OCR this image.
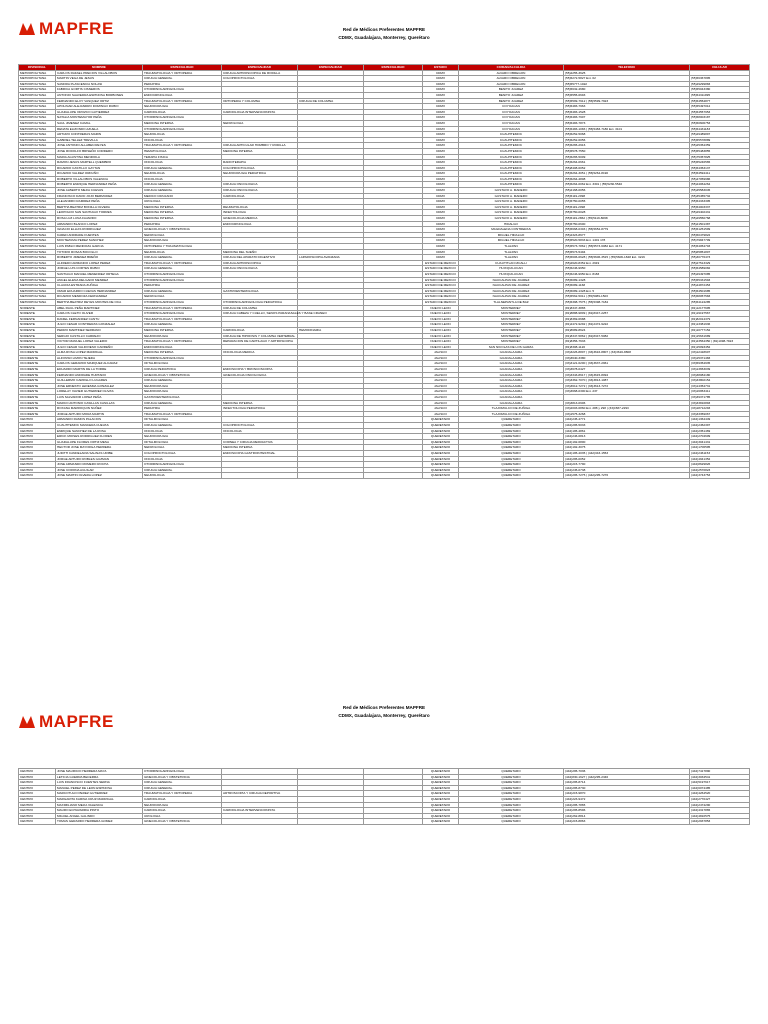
MAPFRE	Red de Médicos Preferentes MAPFRE
CDMX, Guadalajara, Monterrey, Querétaro
DIVISIONAL	NOMBRE	ESPECIALIDAD	ESPECIALIDAD	ESPECIALIDAD	ESPECIALIDAD	ESTADO	CIUDAD/ALCALDIA	TELEFONO	CELULAR
METROPOLITANA	CARLOS RAFAEL PRECIOS VILLALOBOS	TRAUMATOLOGIA Y ORTOPEDIA	CIRUGIA ARTROSCOPICA DE RODILLA			CDMX	ALVARO OBREGON	(55)2255-3625	
METROPOLITANA	MARTIN VEGA DE JESUS	CIRUGIA GENERAL	COLOPROCTOLOGIA			CDMX	ALVARO OBREGON	(55)5272-5827 Ext. 02	(55)56367895
METROPOLITANA	SANDRA PLASCENCIA NOLASI	PEDIATRIA				CDMX	ALVARO OBREGON	(55)55777-1022	(55)29299883
METROPOLITANA	FABRICA GORTIS CISNEROS	OTORRINOLARINGOLOGIA				CDMX	BENITO JUAREZ	(55)5632-4680	(55)55043380
METROPOLITANA	ANTONIO SAAVEDRA ESPINOSA BORBONES	ENDOCRINOLOGIA				CDMX	BENITO JUAREZ	(55)5555-6693	(55)54311995
METROPOLITANA	FERNANDO ELOY VASQUEZ ORTIZ	TRAUMATOLOGIA Y ORTOPEDIA	ORTOPEDIA Y COLUMNA	CIRUGIA DE COLUMNA		CDMX	BENITO JUAREZ	(55)5599-7912 | (55)5599-7923	(55)54554877
METROPOLITANA	APOLINAR ALEJANDRO DOMINGO RUBIO	NEUROCIRUGIA				CDMX	COYOACAN	(55)5483-7963	(55)55497012
METROPOLITANA	GUADALUPE OROZCO GUTIERREZ	CARDIOLOGIA	CARDIOLOGIA INTERVENCIONISTA			CDMX	COYOACAN	(55)5483-1528	(55)54557953
METROPOLITANA	NATALIA MONTEMAYOR PEÑA	OTORRINOLARINGOLOGIA				CDMX	COYOACAN	(55)5483-7907	(55)58003187
METROPOLITANA	SAUL JIMENEZ CAMAL	MEDICINA INTERNA	NEFROLOGIA			CDMX	COYOACAN	(55)5483-7873	(55)50606753
METROPOLITANA	RENATA ELIZONDO AZUELA	OTORRINOLARINGOLOGIA				CDMX	COYOACAN	(55)5483-1083 | (55)5483-7180 Ext. 3101	(55)54431183
METROPOLITANA	ARTURO CONTRERAS MARIN	NEUROLOGIA				CDMX	CUAUHTEMOC	(55)5252-5068	(55)29489897
METROPOLITANA	GABRIEL TELLEZ TREVILLA	ONCOLOGIA				CDMX	CUAUHTEMOC	(55)5252-6056	(55)55578889
METROPOLITANA	JOSE ANTONIO ALLABEN REYES	TRAUMATOLOGIA Y ORTOPEDIA	CIRUGIA ARTICULAR HOMBRO Y RODILLA			CDMX	CUAUHTEMOC	(55)5265-2916	(55)25354359
METROPOLITANA	JOSE RODOLFO BRISEÑO CORDERO	HEMATOLOGIA	MEDICINA INTERNA			CDMX	CUAUHTEMOC	(55)5578-7550	(55)55483855
METROPOLITANA	MARIA AGUSTINA MENDIOLA	TERAPIA FISICA				CDMX	CUAUHTEMOC	(55)5265-5009	(55)75357825
METROPOLITANA	RAMON JESUS MARTELL QUEMBRO	ONCOLOGIA	RADIOTERAPIA			CDMX	CUAUHTEMOC	(55)5264-0661	(55)55246565
METROPOLITANA	RICARDO CASTILLO GAYTAN	CIRUGIA GENERAL	COLOPROCTOLOGIA			CDMX	CUAUHTEMOC	(55)8408-6052	(55)54353137
METROPOLITANA	RICARDO VALDEZ ORDUÑO	NEUROLOGIA	NEUROCIRUGIA PEDIATRICA			CDMX	CUAUHTEMOC	(55)5264-3051 | (55)5264-8190	(55)54594411
METROPOLITANA	ROBERTO VILLALOBOS VALENCIA	ONCOLOGIA				CDMX	CUAUHTEMOC	(55)5264-4808	(55)47059986
METROPOLITANA	ROBERTO ENRIQUE HERNANDEZ PEÑA	CIRUGIA GENERAL	CIRUGIA ONCOLOGICA			CDMX	CUAUHTEMOC	(55)5264-0062 Ext. 3301 | (55)5230-5540	(55)24064264
METROPOLITANA	JOSE ALBERTO MEJIA CUEVAS	CIRUGIA GENERAL	CIRUGIA ONCOLOGICA			CDMX	GUSTAVO A. MADERO	(55)2168-0056	(55)45583045
METROPOLITANA	FRANCISCO DAVID JOJO BERMUDEZ	MEDICO CIRUJANO	CARDIOLOGIA			CDMX	GUSTAVO A. MADERO	(55)5119-2098	(55)35455732
METROPOLITANA	ALEJANDRO RAMIREZ PEÑA	UROLOGIA				CDMX	GUSTAVO A. MADERO	(55)5750-0055	(55)54333305
METROPOLITANA	BERTHA BEATRIZ BONILLA OLVERA	MEDICINA INTERNA	REUMATOLOGIA			CDMX	GUSTAVO A. MADERO	(55)5119-2098	(55)54003337
METROPOLITANA	LEOPOLDO SAN SANTIAGO TORRES	MEDICINA INTERNA	INFECTOLOGIA			CDMX	GUSTAVO A. MADERO	(55)5750-0028	(55)29402431
METROPOLITANA	ROSA LUZ LUNA FAJARDO	MEDICINA INTERNA	GINECOLOGIA MEDICA			CDMX	GUSTAVO A. MADERO	(55)5119-2862 | (55)5119-8068	(55)29550768
METROPOLITANA	ARMANDO BLANCO LOPEZ	PEDIATRIA	ENDOCRINOLOGIA			CDMX	HIDALGO	(55)5750-0600	(55)21501387
METROPOLITANA	IGNACIO ELLIAS RODRIGUEZ	GINECOLOGIA Y OBSTETRICIA				CDMX	MAGDALENA CONTRERAS	(55)5668-0303 | (55)5652-8779	(55)51251599
METROPOLITANA	KAREN ANDRADE FUENTES	NEFROLOGIA				CDMX	MIGUEL HIDALGO	(55)2323-8677	(55)50479822
METROPOLITANA	MOCTEZUMA PEREZ SANCHEZ	NEUROCIRUGIA				CDMX	MIGUEL HIDALGO	(55)5520-5833 Ext. 1401 178	(55)79847709
METROPOLITANA	LUIS PABLO MENDOZA GARCIA	ORTOPEDIA Y TRAUMATOLOGIA				CDMX	TLALPAN	(55)5573-7862 | (55)5573-6082 Ext. 4171	(55)54054703
METROPOLITANA	TOTORO ROSAS BOCOLLO	NEUROLOGIA	MEDICINA DEL SUEÑO			CDMX	TLALPAN	(55)5573-5494	(55)65851807
METROPOLITANA	ROBERTO JIMENEZ BREÑO	CIRUGIA GENERAL	CIRUGIA DEL APARATO DIGESTIVO	LAPAROSCOPIA AVANZADA		CDMX	TLALPAN	(55)5606-6628 | (55)5606-3515 | (55)5606-1848 Ext. 3216	(55)30776473
METROPOLITANA	ALFREDO ARMANDO LOPEZ PEREZ	TRAUMATOLOGIA Y ORTOPEDIA	CIRUGIA ARTROSCOPICA			ESTADO DE MEXICO	CUAUTITLAN IZCALLI	(55)2620-8352 Ext. 2919	(55)27513329
METROPOLITANA	JORGE LUIS CORTES RUBIO	CIRUGIA GENERAL	CIRUGIA ONCOLOGICA			ESTADO DE MEXICO	HUIXQUILUCAN	(55)5246-9950	(55)54589082
METROPOLITANA	SANTIAGO MANUEL MENENDEZ ORTEGA	OTORRINOLARINGOLOGIA				ESTADO DE MEXICO	HUIXQUILUCAN	(55)5246-9950 Ext. 8183	(55)29497085
METROPOLITANA	ANGEL ELENA DELGADO MENDEZ	OTORRINOLARINGOLOGIA				ESTADO DE MEXICO	NAUCALPAN DE JUAREZ	(55)5089-1328	(55)55331593
METROPOLITANA	CLAUDIA ESTRADA ZUÑIGA	PEDIATRIA				ESTADO DE MEXICO	NAUCALPAN DE JUAREZ	(55)5089-1168	(55)44872453
METROPOLITANA	OMAR EDUARDO CUEVAS HERNANDEZ	CIRUGIA GENERAL	GASTROENTEROLOGIA			ESTADO DE MEXICO	NAUCALPAN DE JUAREZ	(55)5089-1328 Ext. 5	(55)54501685
METROPOLITANA	RICARDO MENDOZA FERNANDEZ	NEFROLOGIA				ESTADO DE MEXICO	NAUCALPAN DE JUAREZ	(55)5562-5011 | (55)5089-1503	(55)58057583
METROPOLITANA	BERTHA BEATRIZ REYES MONTES DE OCA	OTORRINOLARINGOLOGIA	OTORRINOLARINGOLOGIA PEDIATRICA			ESTADO DE MEXICO	TLALNEPANTLA DE BAZ	(55)5398-7575 | (55)5398-7184	(55)54124285
NORESTE	ABEL RAUL PEÑA MARTINEZ	TRAUMATOLOGIA Y ORTOPEDIA	CIRUGIA DE COLUMNA			NUEVO LEON	MONTERREY	(81)8347-3865	(81)12177695
NORESTE	CARLOS CLETO OLIVER	OTORRINOLARINGOLOGIA	CIRUGIA CABEZA Y CUELLO, SENOS PARANASALES Y BASE CRANEO			NUEVO LEON	MONTERREY	(81)8888-9809 | (81)8347-2257	(81)19197567
NORESTE	DANIEL FERNANDEZ CANTU	TRAUMATOLOGIA Y ORTOPEDIA				NUEVO LEON	MONTERREY	(81)8369-6688	(81)82014379
NORESTE	JULIO CESAR CONTRERAS GONZALEZ	CIRUGIA GENERAL				NUEVO LEON	MONTERREY	(81)2472-9292 | (81)2472-9222	(81)13381936
NORESTE	PEDRO MARTINEZ SERRANO	MEDICINA INTERNA	CARDIOLOGIA	HEMODINAMIA		NUEVO LEON	MONTERREY	(81)8689-8624	(81)10777152
NORESTE	SERGIO CASTILLO CARREJO	NEUROCIRUGIA	CIRUGIA DE HIPOFISIS Y COLUMNA VERTEBRAL			NUEVO LEON	MONTERREY	(81)8347-5862 | (81)8347-5082	(81)15631689
NORESTE	VICTOR MANUEL LOPEZ VALERIO	TRAUMATOLOGIA Y ORTOPEDIA	REPARACION DE CARTILAGO Y ARTROSCOPIA			NUEVO LEON	MONTERREY	(81)8356-7633	(81)23564350 | (81)1098-7923
NORESTE	JULIO CESAR VALDIVIESO CARREÑO	ENDOCRINOLOGIA				NUEVO LEON	SAN NICOLAS DE LOS GARZA	(81)8308-1120	(81)15093452
OCCIDENTE	ALMA ROSA LOPEZ MADRIGAL	MEDICINA INTERNA	ONCOLOGIA MEDICA			JALISCO	GUADALAJARA	(33)3226-8807 | (33)3616-8807 | (33)3616-8808	(33)12418607
OCCIDENTE	ALFONSO LIMON TEJEDA	OTORRINOLARINGOLOGIA				JALISCO	GUADALAJARA	(33)3640-3380	(33)15371483
OCCIDENTE	CARLOS GERARDO MARQUEZ ALCARAZ	OFTALMOLOGIA				JALISCO	GUADALAJARA	(33)3121-6200 | (33)3637-2961	(33)59354935
OCCIDENTE	EDUARDO MARTIN DE LA TORRE	CIRUGIA PEDIATRICA	ENDOSCOPIA Y BRONCOSCOPIA			JALISCO	GUADALAJARA	(33)3678-0427	(33)13653039
OCCIDENTE	FERNANDO ANDRADE HURTADO	GINECOLOGIA Y OBSTETRICIA	GINECOLOGIA ONCOLOGICA			JALISCO	GUADALAJARA	(33)3343-8617 | (33)3615-8094	(33)38084180
OCCIDENTE	GUILLERMO CARRILLO LUGARES	CIRUGIA GENERAL				JALISCO	GUADALAJARA	(33)3362-7070 | (33)3813-1087	(33)33802154
OCCIDENTE	JOSE ERNESTO LEDESMA GONZALEZ	NEUROCIRUGIA				JALISCO	GUADALAJARA	(33)3612-7272 | (33)3613-7272	(33)14354731
OCCIDENTE	LORELAY XAVIER GUTIERREZ OLIVAS	NEUROCIRUGIA				JALISCO	GUADALAJARA	(33)3668-0300 Ext. 237	(33)16953411
OCCIDENTE	LUIS SALVADOR LOPEZ PEÑA	GASTROENTEROLOGIA				JALISCO	GUADALAJARA		(33)39371785
OCCIDENTE	MARCO ANTONIO CASILLAS CASILLAS	CIRUGIA GENERAL	MEDICINA INTERNA			JALISCO	GUADALAJARA	(33)3813-0906	(33)33810893
OCCIDENTE	ROXANA MARROQUIN NUÑEZ	PEDIATRIA	INFECTOLOGIA PEDIATRICA			JALISCO	TLAJOMULCO DE ZUÑIGA	(33)2003-6860 Ext. 288 y 298 | (33)1587-2293	(33)18712293
OCCIDENTE	JORGE ARTURO MORA MARTIN	TRAUMATOLOGIA Y ORTOPEDIA				JALISCO	TLAJOMULCO DE ZUÑIGA	(33)1575-3268	(33)33359067
CENTRO	ARMANDO RAMOS PALACIOS	OFTALMOLOGIA				QUERETARO	QUERETARO	(442)245-4771	(442)1364449
CENTRO	CUAUHTEMOC MANCERA CUEVAS	CIRUGIA GENERAL	COLOPROCTOLOGIA			QUERETARO	QUERETARO	(442)295-5033	(442)2452397
CENTRO	ENRIQUE SANCHEZ DE LA ROSA	ONCOLOGIA	ONCOLOGIA			QUERETARO	QUERETARO	(442)195-4861	(442)2351469
CENTRO	ERICK MOISES RODRIGUEZ FLORES	NEUROCIRUGIA				QUERETARO	QUERETARO	(442)246-6813	(442)2704609
CENTRO	GUADALUPE FLORES ORTIZ MESA	OFTALMOLOGIA	CORNEA Y CIRUGIA REFRACTIVA			QUERETARO	QUERETARO	(442)192-6800	(442)3041431
CENTRO	HECTOR JOSE MAYORGA HERRERA	NEFROLOGIA	MEDICINA INTERNA			QUERETARO	QUERETARO	(442)192-3075	(442)1706595
CENTRO	JUDITH CANDELARIA SALINAS URIBE	COLOPROCTOLOGIA	ENDOSCOPIA GASTROINTESTINAL			QUERETARO	QUERETARO	(442)195-4035 | (442)343-1553	(442)2461153
CENTRO	JORGE ARTURO ROBLES GUZMAN	ONCOLOGIA				QUERETARO	QUERETARO	(442)295-0052	(442)4941352
CENTRO	JOSE ARMANDO ROMERO ROCHA	OTORRINOLARINGOLOGIA				QUERETARO	QUERETARO	(442)215-7790	(442)8629826
CENTRO	JOSE CORONA AGUILAR	CIRUGIA GENERAL				QUERETARO	QUERETARO	(442)245-0738	(442)2570823
CENTRO	JOSE MARTIN OLVERA LOPEZ	NEUROLOGIA				QUERETARO	QUERETARO	(442)295-7275 | (442)295-7276	(442)3743753
MAPFRE
Red de Médicos Preferentes MAPFRE
CDMX, Guadalajara, Monterrey, Querétaro
CENTRO	JOSE MAURICIO HERRERA MAYA	OTORRINOLARINGOLOGIA				QUERETARO	QUERETARO	(442)295-7036	(442)7417890
CENTRO	LETICIA GUERRA BECERRA	GINECOLOGIA Y OBSTETRICIA				QUERETARO	QUERETARO	(442)830-1627 | (442)295-2346	(442)3034541
CENTRO	LUIS FRANCISCO FUENTES SERNA	CIRUGIA GENERAL				QUERETARO	QUERETARO	(442)295-8714	(442)5197617
CENTRO	MANUEL PEREZ DE LEON ESPINOSA	CIRUGIA GENERAL				QUERETARO	QUERETARO	(442)295-8730	(442)6074485
CENTRO	MARCOTULIO PEREZ GUTIERREZ	TRAUMATOLOGIA Y ORTOPEDIA	ARTROSCOPIA Y CIRUGIA DEPORTIVA			QUERETARO	QUERETARO	(442)215-9870	(442)4264520
CENTRO	MARGARITA KARINA CRUZ MADRIGAL	CARDIOLOGIA				QUERETARO	QUERETARO	(442)223-9472	(442)2770427
CENTRO	MAXIMILIANO MEJIA VALENCIA	NEUROCIRUGIA				QUERETARO	QUERETARO	(442)295-7865	(442)2474290
CENTRO	MAURO ECHAVARRIA PINTO	CARDIOLOGIA	CARDIOLOGIA INTERVENCIONISTA			QUERETARO	QUERETARO	(442)295-8596	(442)4317865
CENTRO	MIGUEL ANGEL GALINDO	UROLOGIA				QUERETARO	QUERETARO	(442)262-8814	(442)4810575
CENTRO	TOMAS GERARDO HERRERA GOMEZ	GINECOLOGIA Y OBSTETRICIA				QUERETARO	QUERETARO	(442)215-8863	(442)2937853
